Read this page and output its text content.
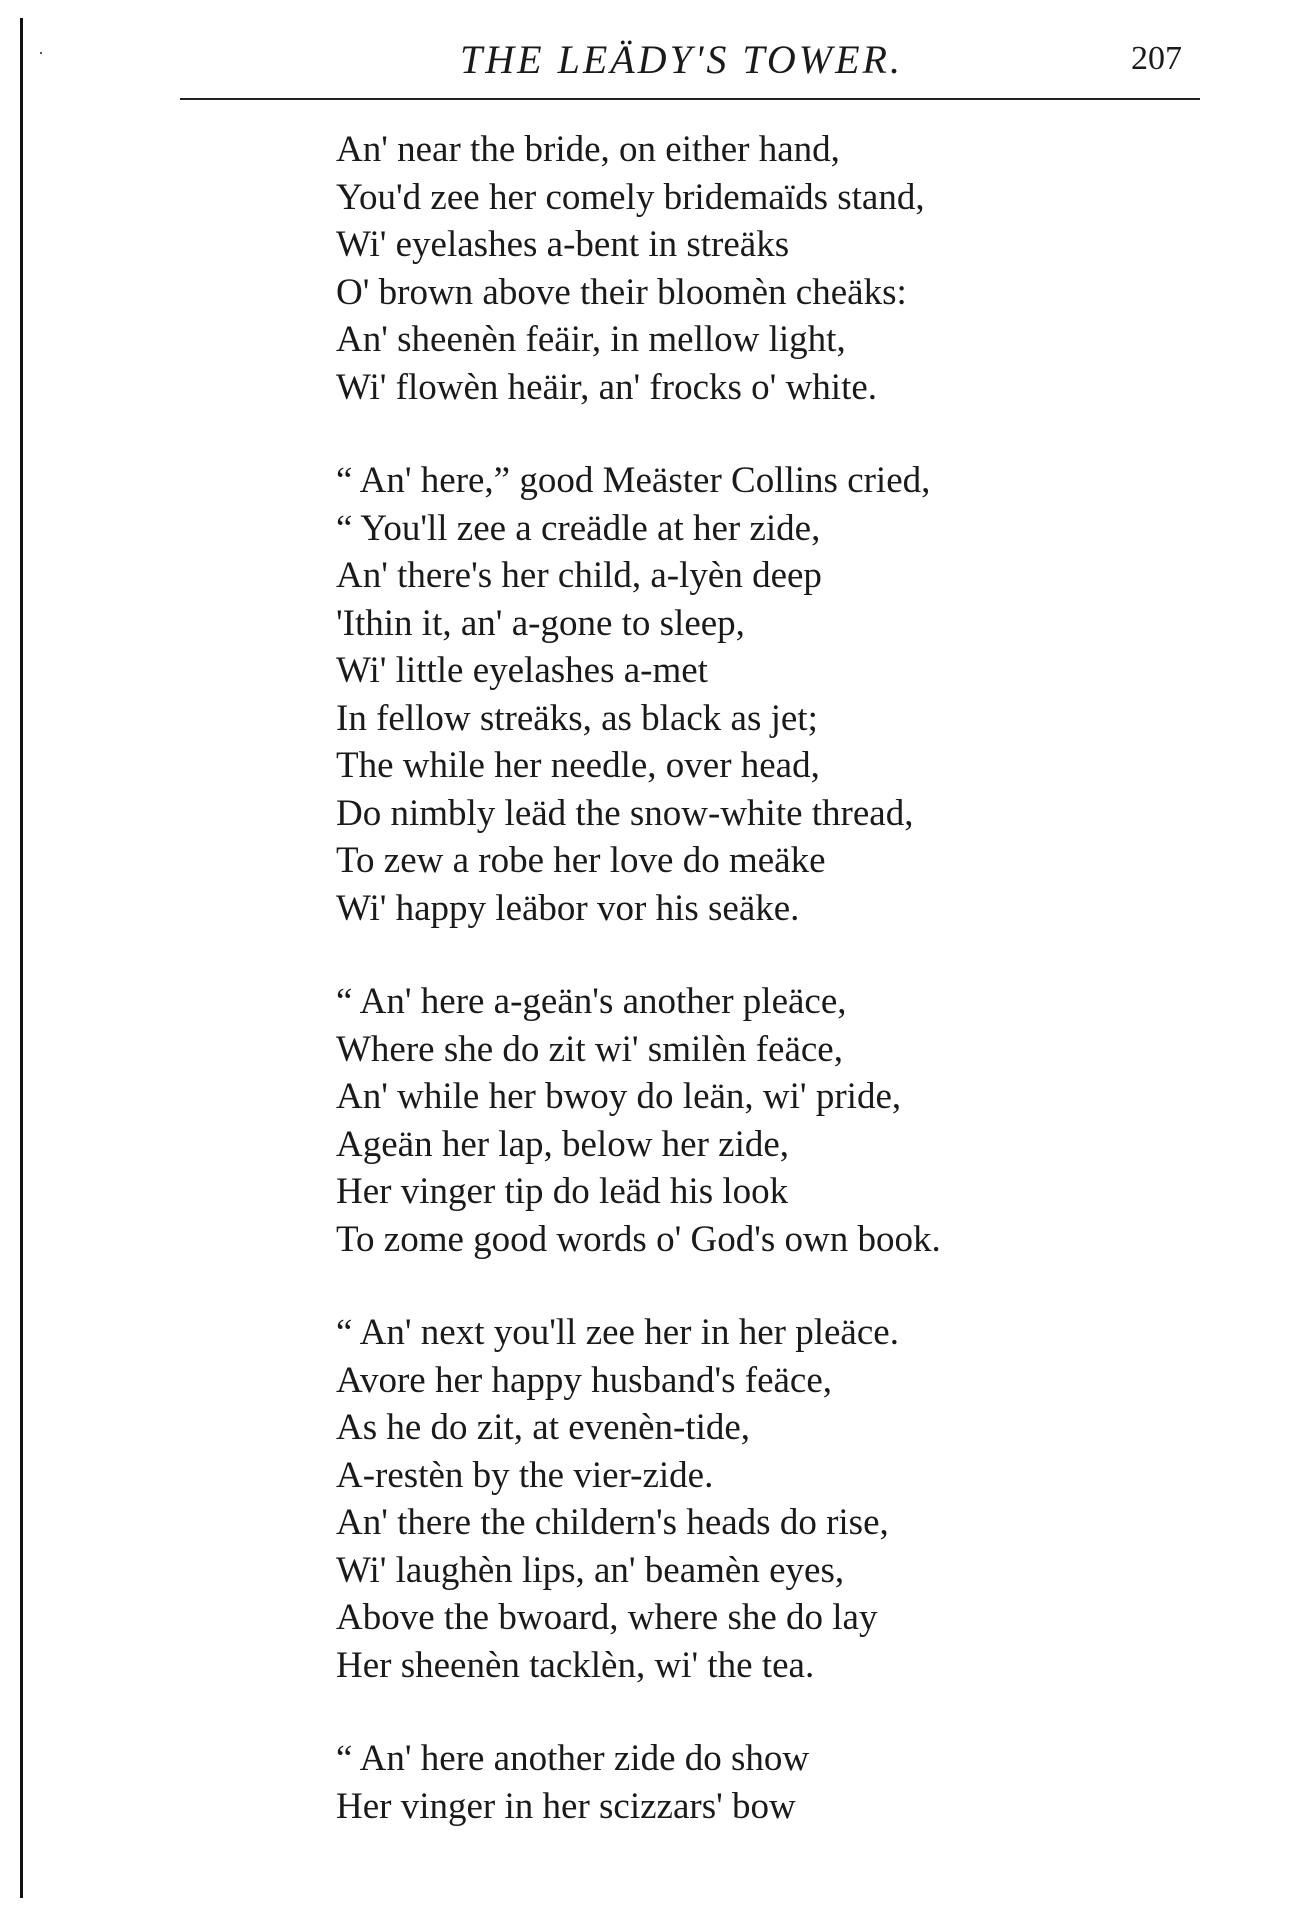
THE LEÄDY'S TOWER.	207
An' near the bride, on either hand,
You'd zee her comely bridemaïds stand,
Wi' eyelashes a-bent in streäks
O' brown above their bloomèn cheäks:
An' sheenèn feäir, in mellow light,
Wi' flowèn heäir, an' frocks o' white.
“ An' here,” good Meäster Collins cried,
“ You'll zee a creädle at her zide,
An' there's her child, a-lyèn deep
'Ithin it, an' a-gone to sleep,
Wi' little eyelashes a-met
In fellow streäks, as black as jet;
The while her needle, over head,
Do nimbly leäd the snow-white thread,
To zew a robe her love do meäke
Wi' happy leäbor vor his seäke.
“ An' here a-geän's another pleäce,
Where she do zit wi' smilèn feäce,
An' while her bwoy do leän, wi' pride,
Ageän her lap, below her zide,
Her vinger tip do leäd his look
To zome good words o' God's own book.
“ An' next you'll zee her in her pleäce.
Avore her happy husband's feäce,
As he do zit, at evenèn-tide,
A-restèn by the vier-zide.
An' there the childern's heads do rise,
Wi' laughèn lips, an' beamèn eyes,
Above the bwoard, where she do lay
Her sheenèn tacklèn, wi' the tea.
“ An' here another zide do show
Her vinger in her scizzars' bow
